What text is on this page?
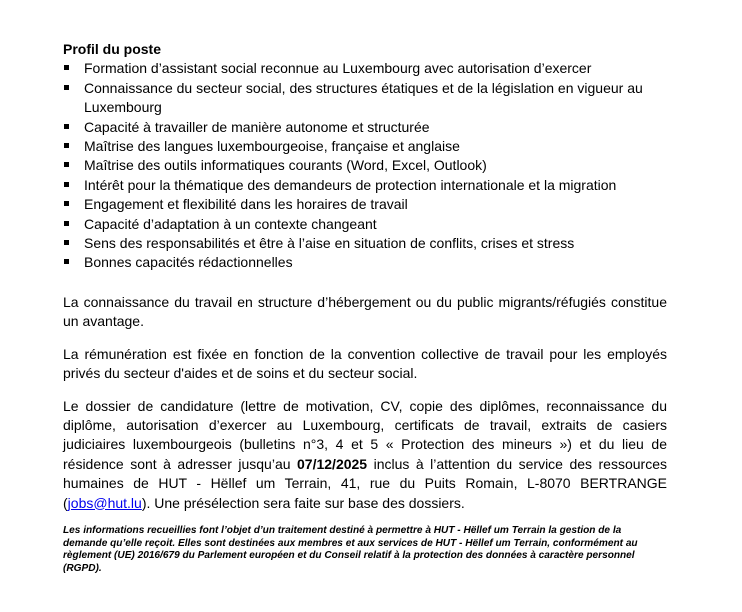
Profil du poste
Formation d’assistant social reconnue au Luxembourg avec autorisation d’exercer
Connaissance du secteur social, des structures étatiques et de la législation en vigueur au Luxembourg
Capacité à travailler de manière autonome et structurée
Maîtrise des langues luxembourgeoise, française et anglaise
Maîtrise des outils informatiques courants (Word, Excel, Outlook)
Intérêt pour la thématique des demandeurs de protection internationale et la migration
Engagement et flexibilité dans les horaires de travail
Capacité d’adaptation à un contexte changeant
Sens des responsabilités et être à l’aise en situation de conflits, crises et stress
Bonnes capacités rédactionnelles

La connaissance du travail en structure d’hébergement ou du public migrants/réfugiés constitue un avantage.

La rémunération est fixée en fonction de la convention collective de travail pour les employés privés du secteur d'aides et de soins et du secteur social.

Le dossier de candidature (lettre de motivation, CV, copie des diplômes, reconnaissance du diplôme, autorisation d’exercer au Luxembourg, certificats de travail, extraits de casiers judiciaires luxembourgeois (bulletins n°3, 4 et 5 « Protection des mineurs ») et du lieu de résidence sont à adresser jusqu’au 07/12/2025 inclus à l’attention du service des ressources humaines de HUT - Hëllef um Terrain, 41, rue du Puits Romain, L-8070 BERTRANGE (jobs@hut.lu). Une présélection sera faite sur base des dossiers.

Les informations recueillies font l’objet d’un traitement destiné à permettre à HUT - Hëllef um Terrain la gestion de la demande qu’elle reçoit. Elles sont destinées aux membres et aux services de HUT - Hëllef um Terrain, conformément au règlement (UE) 2016/679 du Parlement européen et du Conseil relatif à la protection des données à caractère personnel (RGPD).
